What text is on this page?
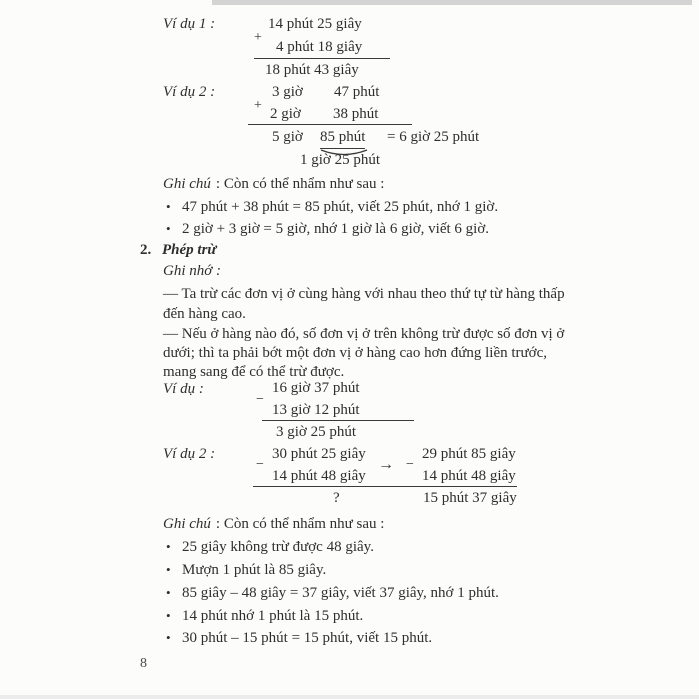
Ví dụ 1 :	14 phút 25 giây
+
4 phút 18 giây
18 phút 43 giây
Ví dụ 2 :	3 giờ 47 phút
+
2 giờ 38 phút
5 giờ 85 phút = 6 giờ 25 phút
1 giờ 25 phút
Ghi chú : Còn có thể nhẩm như sau :
• 47 phút + 38 phút = 85 phút, viết 25 phút, nhớ 1 giờ.
• 2 giờ + 3 giờ = 5 giờ, nhớ 1 giờ là 6 giờ, viết 6 giờ.
2. Phép trừ
Ghi nhớ :
— Ta trừ các đơn vị ở cùng hàng với nhau theo thứ tự từ hàng thấp
đến hàng cao.
— Nếu ở hàng nào đó, số đơn vị ở trên không trừ được số đơn vị ở
dưới; thì ta phải bớt một đơn vị ở hàng cao hơn đứng liền trước,
mang sang để có thể trừ được.
Ví dụ :	16 giờ 37 phút
−
13 giờ 12 phút
3 giờ 25 phút
Ví dụ 2 :	30 phút 25 giây
−
14 phút 48 giây
?
→
29 phút 85 giây
−
14 phút 48 giây
15 phút 37 giây
Ghi chú : Còn có thể nhẩm như sau :
• 25 giây không trừ được 48 giây.
• Mượn 1 phút là 85 giây.
• 85 giây – 48 giây = 37 giây, viết 37 giây, nhớ 1 phút.
• 14 phút nhớ 1 phút là 15 phút.
• 30 phút – 15 phút = 15 phút, viết 15 phút.
8
